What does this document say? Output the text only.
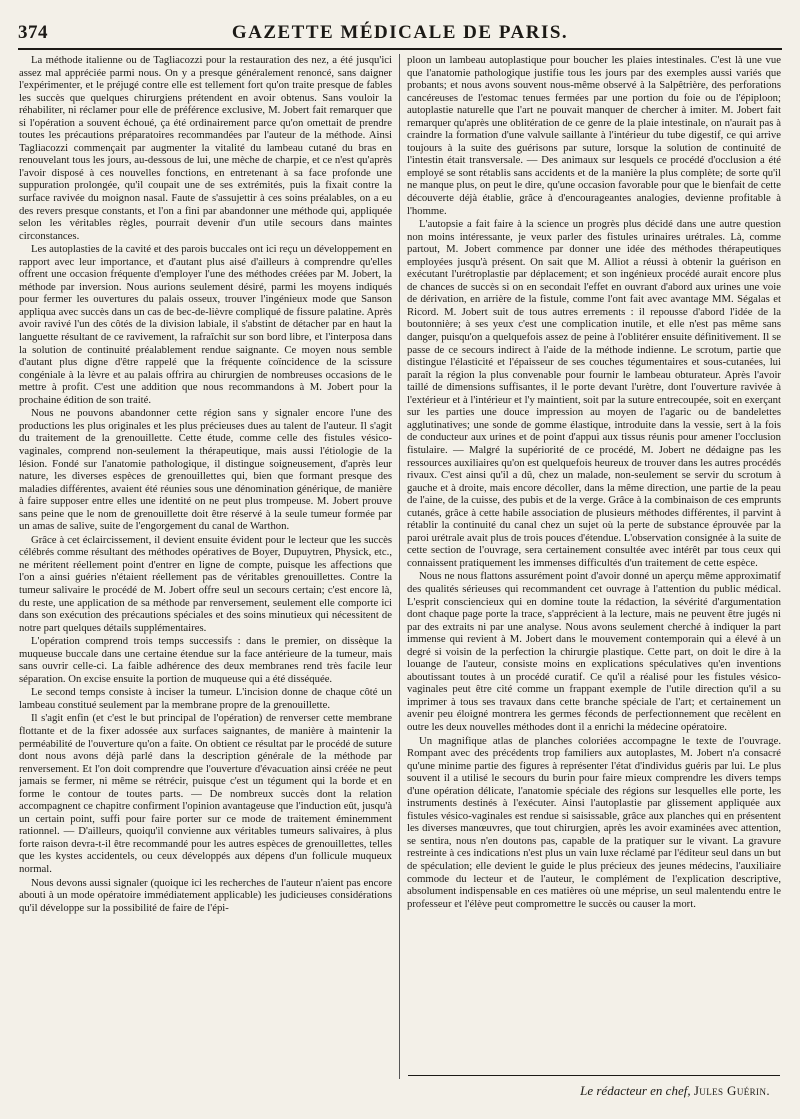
374	GAZETTE MÉDICALE DE PARIS.

La méthode italienne ou de Tagliacozzi pour la restauration des nez, a été jusqu'ici assez mal appréciée parmi nous. On y a presque généralement renoncé, sans daigner l'expérimenter, et le préjugé contre elle est tellement fort qu'on traite presque de fables les succès que quelques chirurgiens prétendent en avoir obtenus. Sans vouloir la réhabiliter, ni réclamer pour elle de préférence exclusive, M. Jobert fait remarquer que si l'opération a souvent échoué, ça été ordinairement parce qu'on omettait de prendre toutes les précautions préparatoires recommandées par l'auteur de la méthode. Ainsi Tagliacozzi commençait par augmenter la vitalité du lambeau cutané du bras en renouvelant tous les jours, au-dessous de lui, une mèche de charpie, et ce n'est qu'après l'avoir disposé à ces nouvelles fonctions, en entretenant à sa face profonde une suppuration prolongée, qu'il coupait une de ses extrémités, puis la fixait contre la surface ravivée du moignon nasal. Faute de s'assujettir à ces soins préalables, on a eu des revers presque constants, et l'on a fini par abandonner une méthode qui, appliquée selon les véritables règles, pourrait devenir d'un utile secours dans maintes circonstances.

Les autoplasties de la cavité et des parois buccales ont ici reçu un développement en rapport avec leur importance, et d'autant plus aisé d'ailleurs à comprendre qu'elles offrent une occasion fréquente d'employer l'une des méthodes créées par M. Jobert, la méthode par inversion. Nous aurions seulement désiré, parmi les moyens indiqués pour fermer les ouvertures du palais osseux, trouver l'ingénieux mode que Sanson appliqua avec succès dans un cas de bec-de-lièvre compliqué de fissure palatine. Après avoir ravivé l'un des côtés de la division labiale, il s'abstint de détacher par en haut la languette résultant de ce ravivement, la rafraîchit sur son bord libre, et l'interposa dans la solution de continuité préalablement rendue saignante. Ce moyen nous semble d'autant plus digne d'être rappelé que la fréquente coïncidence de la scissure congéniale à la lèvre et au palais offrira au chirurgien de nombreuses occasions de le mettre à profit. C'est une addition que nous recommandons à M. Jobert pour la prochaine édition de son traité.

Nous ne pouvons abandonner cette région sans y signaler encore l'une des productions les plus originales et les plus précieuses dues au talent de l'auteur. Il s'agit du traitement de la grenouillette. Cette étude, comme celle des fistules vésico-vaginales, comprend non-seulement la thérapeutique, mais aussi l'étiologie de la lésion. Fondé sur l'anatomie pathologique, il distingue soigneusement, d'après leur nature, les diverses espèces de grenouillettes qui, bien que formant presque des maladies différentes, avaient été réunies sous une dénomination générique, de manière à faire supposer entre elles une identité on ne peut plus trompeuse. M. Jobert prouve sans peine que le nom de grenouillette doit être réservé à la seule tumeur formée par un amas de salive, suite de l'engorgement du canal de Warthon.

Grâce à cet éclaircissement, il devient ensuite évident pour le lecteur que les succès célébrés comme résultant des méthodes opératives de Boyer, Dupuytren, Physick, etc., ne méritent réellement point d'entrer en ligne de compte, puisque les affections que l'on a ainsi guéries n'étaient réellement pas de véritables grenouillettes. Contre la tumeur salivaire le procédé de M. Jobert offre seul un secours certain; c'est encore là, du reste, une application de sa méthode par renversement, seulement elle comporte ici dans son exécution des précautions spéciales et des soins minutieux qui nécessitent de notre part quelques détails supplémentaires.

L'opération comprend trois temps successifs : dans le premier, on dissèque la muqueuse buccale dans une certaine étendue sur la face antérieure de la tumeur, mais sans ouvrir celle-ci. La faible adhérence des deux membranes rend très facile leur séparation. On excise ensuite la portion de muqueuse qui a été disséquée.

Le second temps consiste à inciser la tumeur. L'incision donne de chaque côté un lambeau constitué seulement par la membrane propre de la grenouillette.

Il s'agit enfin (et c'est le but principal de l'opération) de renverser cette membrane flottante et de la fixer adossée aux surfaces saignantes, de manière à maintenir la perméabilité de l'ouverture qu'on a faite. On obtient ce résultat par le procédé de suture dont nous avons déjà parlé dans la description générale de la méthode par renversement. Et l'on doit comprendre que l'ouverture d'évacuation ainsi créée ne peut jamais se fermer, ni même se rétrécir, puisque c'est un tégument qui la borde et en forme le contour de toutes parts. — De nombreux succès dont la relation accompagnent ce chapitre confirment l'opinion avantageuse que l'induction eût, jusqu'à un certain point, suffi pour faire porter sur ce mode de traitement éminemment rationnel. — D'ailleurs, quoiqu'il convienne aux véritables tumeurs salivaires, à plus forte raison devra-t-il être recommandé pour les autres espèces de grenouillettes, telles que les kystes accidentels, ou ceux développés aux dépens d'un follicule muqueux normal.

Nous devons aussi signaler (quoique ici les recherches de l'auteur n'aient pas encore abouti à un mode opératoire immédiatement applicable) les judicieuses considérations qu'il développe sur la possibilité de faire de l'épi-

ploon un lambeau autoplastique pour boucher les plaies intestinales. C'est là une vue que l'anatomie pathologique justifie tous les jours par des exemples aussi variés que probants; et nous avons souvent nous-même observé à la Salpêtrière, des perforations cancéreuses de l'estomac tenues fermées par une portion du foie ou de l'épiploon; autoplastie naturelle que l'art ne pouvait manquer de chercher à imiter. M. Jobert fait remarquer qu'après une oblitération de ce genre de la plaie intestinale, on n'aurait pas à craindre la formation d'une valvule saillante à l'intérieur du tube digestif, ce qui arrive toujours à la suite des guérisons par suture, lorsque la solution de continuité de l'intestin était transversale. — Des animaux sur lesquels ce procédé d'occlusion a été employé se sont rétablis sans accidents et de la manière la plus complète; de sorte qu'il ne manque plus, on peut le dire, qu'une occasion favorable pour que le bienfait de cette découverte déjà établie, grâce à d'encourageantes analogies, devienne profitable à l'homme.

L'autopsie a fait faire à la science un progrès plus décidé dans une autre question non moins intéressante, je veux parler des fistules urinaires urétrales. Là, comme partout, M. Jobert commence par donner une idée des méthodes thérapeutiques employées jusqu'à présent. On sait que M. Alliot a réussi à obtenir la guérison en exécutant l'urétroplastie par déplacement; et son ingénieux procédé aurait encore plus de chances de succès si on en secondait l'effet en ouvrant d'abord aux urines une voie de dérivation, en arrière de la fistule, comme l'ont fait avec avantage MM. Ségalas et Ricord. M. Jobert suit de tous autres errements : il repousse d'abord l'idée de la boutonnière; à ses yeux c'est une complication inutile, et elle n'est pas même sans danger, puisqu'on a quelquefois assez de peine à l'oblitérer ensuite définitivement. Il se passe de ce secours indirect à l'aide de la méthode indienne. Le scrotum, partie que distingue l'élasticité et l'épaisseur de ses couches tégumentaires et sous-cutanées, lui paraît la région la plus convenable pour fournir le lambeau obturateur. Après l'avoir taillé de dimensions suffisantes, il le porte devant l'urètre, dont l'ouverture ravivée à l'extérieur et à l'intérieur et l'y maintient, soit par la suture entrecoupée, soit en exerçant sur les parties une douce impression au moyen de l'agaric ou de bandelettes agglutinatives; une sonde de gomme élastique, introduite dans la vessie, sert à la fois de conducteur aux urines et de point d'appui aux tissus réunis pour amener l'occlusion fistulaire. — Malgré la supériorité de ce procédé, M. Jobert ne dédaigne pas les ressources auxiliaires qu'on est quelquefois heureux de trouver dans les autres procédés rivaux. C'est ainsi qu'il a dû, chez un malade, non-seulement se servir du scrotum à gauche et à droite, mais encore décoller, dans la même direction, une partie de la peau de l'aine, de la cuisse, des pubis et de la verge. Grâce à la combinaison de ces emprunts cutanés, grâce à cette habile association de plusieurs méthodes différentes, il parvint à rétablir la continuité du canal chez un sujet où la perte de substance éprouvée par la paroi urétrale avait plus de trois pouces d'étendue. L'observation consignée à la suite de cette section de l'ouvrage, sera certainement consultée avec intérêt par tous ceux qui connaissent pratiquement les immenses difficultés d'un traitement de cette espèce.

Nous ne nous flattons assurément point d'avoir donné un aperçu même approximatif des qualités sérieuses qui recommandent cet ouvrage à l'attention du public médical. L'esprit consciencieux qui en domine toute la rédaction, la sévérité d'argumentation dont chaque page porte la trace, s'apprécient à la lecture, mais ne peuvent être jugés ni par des extraits ni par une analyse. Nous avons seulement cherché à indiquer la part immense qui revient à M. Jobert dans le mouvement contemporain qui a élevé à un degré si voisin de la perfection la chirurgie plastique. Cette part, on doit le dire à la louange de l'auteur, consiste moins en explications spéculatives qu'en inventions aboutissant toutes à un procédé curatif. Ce qu'il a réalisé pour les fistules vésico-vaginales peut être cité comme un frappant exemple de l'utile direction qu'il a su imprimer à tous ses travaux dans cette branche spéciale de l'art; et certainement un avenir peu éloigné montrera les germes féconds de perfectionnement que recèlent en outre les deux nouvelles méthodes dont il a enrichi la médecine opératoire.

Un magnifique atlas de planches coloriées accompagne le texte de l'ouvrage. Rompant avec des précédents trop familiers aux autoplastes, M. Jobert n'a consacré qu'une minime partie des figures à représenter l'état d'individus guéris par lui. Le plus souvent il a utilisé le secours du burin pour faire mieux comprendre les divers temps d'une opération délicate, l'anatomie spéciale des régions sur lesquelles elle porte, les instruments destinés à l'exécuter. Ainsi l'autoplastie par glissement appliquée aux fistules vésico-vaginales est rendue si saisissable, grâce aux planches qui en présentent les diverses manœuvres, que tout chirurgien, après les avoir examinées avec attention, se sentira, nous n'en doutons pas, capable de la pratiquer sur le vivant. La gravure restreinte à ces indications n'est plus un vain luxe réclamé par l'éditeur seul dans un but de spéculation; elle devient le guide le plus précieux des jeunes médecins, l'auxiliaire commode du lecteur et de l'auteur, le complément de l'explication descriptive, absolument indispensable en ces matières où une méprise, un seul malentendu entre le professeur et l'élève peut compromettre le succès ou causer la mort.

Le rédacteur en chef, Jules Guérin.
